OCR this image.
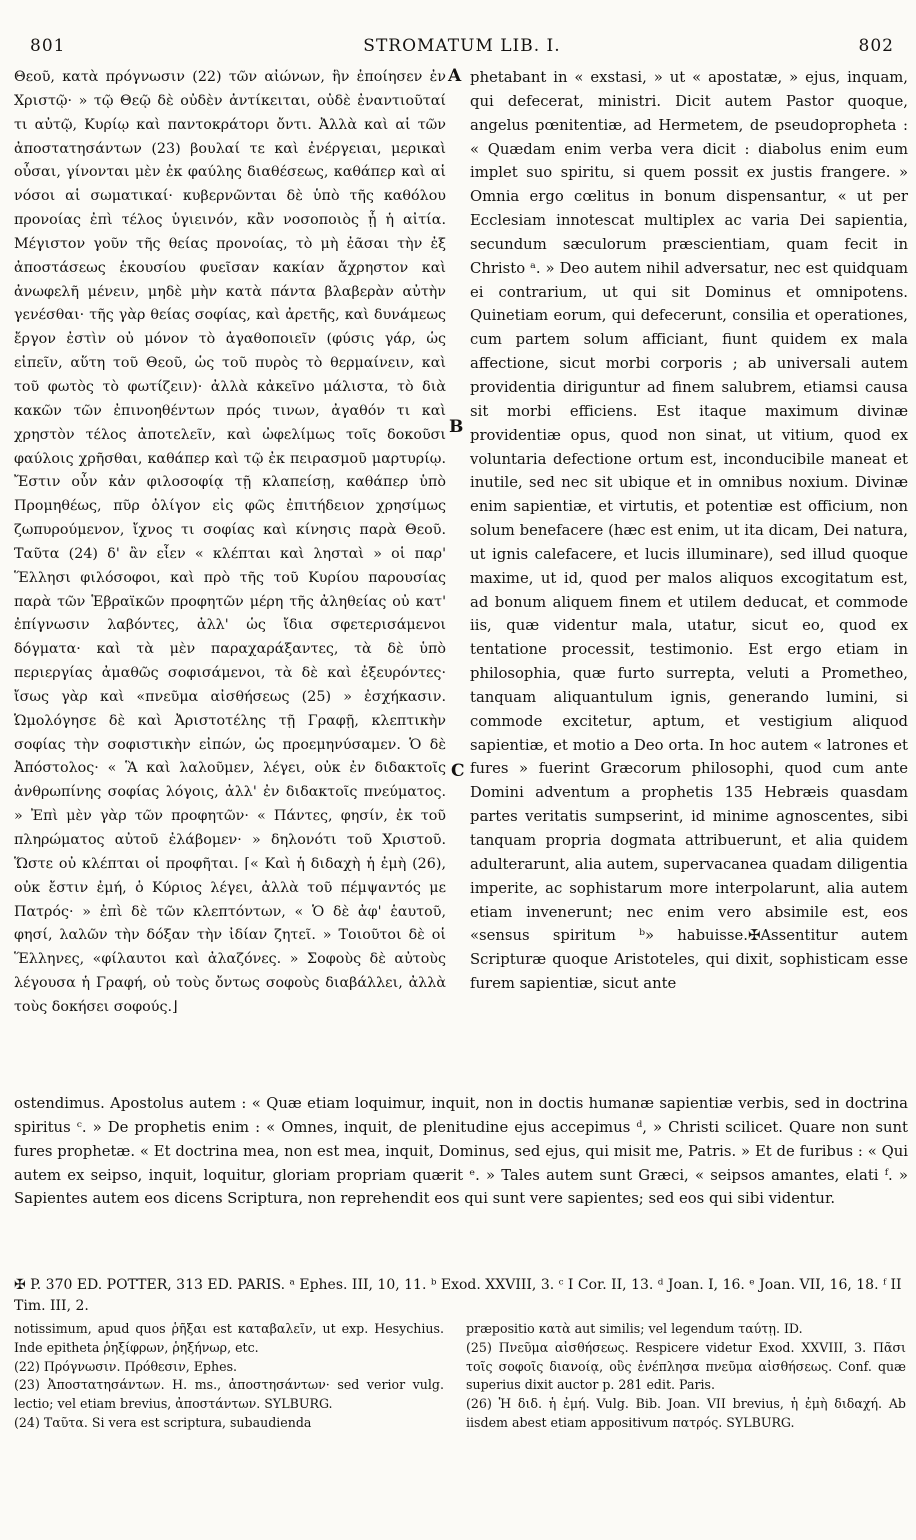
801	STROMATUM LIB. I.	802

Θεοῦ, κατὰ πρόγνωσιν (22) τῶν αἰώνων, ἣν ἐποίησεν ἐν Χριστῷ· » τῷ Θεῷ δὲ οὐδὲν ἀντίκειται, οὐδὲ ἐναντιοῦταί τι αὐτῷ, Κυρίῳ καὶ παντοκράτορι ὄντι. Ἀλλὰ καὶ αἱ τῶν ἀποστατησάντων (23) βουλαί τε καὶ ἐνέργειαι, μερικαὶ οὖσαι, γίνονται μὲν ἐκ φαύλης διαθέσεως, καθάπερ καὶ αἱ νόσοι αἱ σωματικαί· κυβερνῶνται δὲ ὑπὸ τῆς καθόλου προνοίας ἐπὶ τέλος ὑγιεινόν, κἂν νοσοποιὸς ᾖ ἡ αἰτία. Μέγιστον γοῦν τῆς θείας προνοίας, τὸ μὴ ἐᾶσαι τὴν ἐξ ἀποστάσεως ἑκουσίου φυεῖσαν κακίαν ἄχρηστον καὶ ἀνωφελῆ μένειν, μηδὲ μὴν κατὰ πάντα βλαβερὰν αὐτὴν γενέσθαι· τῆς γὰρ θείας σοφίας, καὶ ἀρετῆς, καὶ δυνάμεως ἔργον ἐστὶν οὐ μόνον τὸ ἀγαθοποιεῖν (φύσις γάρ, ὡς εἰπεῖν, αὕτη τοῦ Θεοῦ, ὡς τοῦ πυρὸς τὸ θερμαίνειν, καὶ τοῦ φωτὸς τὸ φωτίζειν)· ἀλλὰ κἀκεῖνο μάλιστα, τὸ διὰ κακῶν τῶν ἐπινοηθέντων πρός τινων, ἀγαθόν τι καὶ χρηστὸν τέλος ἀποτελεῖν, καὶ ὠφελίμως τοῖς δοκοῦσι φαύλοις χρῆσθαι, καθάπερ καὶ τῷ ἐκ πειρασμοῦ μαρτυρίῳ. Ἔστιν οὖν κἀν φιλοσοφίᾳ τῇ κλαπείσῃ, καθάπερ ὑπὸ Προμηθέως, πῦρ ὀλίγον εἰς φῶς ἐπιτήδειον χρησίμως ζωπυρούμενον, ἴχνος τι σοφίας καὶ κίνησις παρὰ Θεοῦ. Ταῦτα (24) δ' ἂν εἶεν « κλέπται καὶ λησταὶ » οἱ παρ' Ἕλλησι φιλόσοφοι, καὶ πρὸ τῆς τοῦ Κυρίου παρουσίας παρὰ τῶν Ἑβραϊκῶν προφητῶν μέρη τῆς ἀληθείας οὐ κατ' ἐπίγνωσιν λαβόντες, ἀλλ' ὡς ἴδια σφετερισάμενοι δόγματα· καὶ τὰ μὲν παραχαράξαντες, τὰ δὲ ὑπὸ περιεργίας ἀμαθῶς σοφισάμενοι, τὰ δὲ καὶ ἐξευρόντες· ἴσως γὰρ καὶ «πνεῦμα αἰσθήσεως (25) » ἐσχήκασιν. Ὡμολόγησε δὲ καὶ Ἀριστοτέλης τῇ Γραφῇ, κλεπτικὴν σοφίας τὴν σοφιστικὴν εἰπών, ὡς προεμηνύσαμεν. Ὁ δὲ Ἀπόστολος· « Ἃ καὶ λαλοῦμεν, λέγει, οὐκ ἐν διδακτοῖς ἀνθρωπίνης σοφίας λόγοις, ἀλλ' ἐν διδακτοῖς πνεύματος. » Ἐπὶ μὲν γὰρ τῶν προφητῶν· « Πάντες, φησίν, ἐκ τοῦ πληρώματος αὐτοῦ ἐλάβομεν· » δηλονότι τοῦ Χριστοῦ. Ὥστε οὐ κλέπται οἱ προφῆται. ⌈« Καὶ ἡ διδαχὴ ἡ ἐμὴ (26), οὐκ ἔστιν ἐμή, ὁ Κύριος λέγει, ἀλλὰ τοῦ πέμψαντός με Πατρός· » ἐπὶ δὲ τῶν κλεπτόντων, « Ὁ δὲ ἀφ' ἑαυτοῦ, φησί, λαλῶν τὴν δόξαν τὴν ἰδίαν ζητεῖ. » Τοιοῦτοι δὲ οἱ Ἕλληνες, «φίλαυτοι καὶ ἀλαζόνες. » Σοφοὺς δὲ αὐτοὺς λέγουσα ἡ Γραφή, οὐ τοὺς ὄντως σοφοὺς διαβάλλει, ἀλλὰ τοὺς δοκήσει σοφούς.⌋

A
B
C

phetabant in « exstasi, » ut « apostatæ, » ejus, inquam, qui defecerat, ministri. Dicit autem Pastor quoque, angelus pœnitentiæ, ad Hermetem, de pseudopropheta : « Quædam enim verba vera dicit : diabolus enim eum implet suo spiritu, si quem possit ex justis frangere. » Omnia ergo cœlitus in bonum dispensantur, « ut per Ecclesiam innotescat multiplex ac varia Dei sapientia, secundum sæculorum præscientiam, quam fecit in Christo ᵃ. » Deo autem nihil adversatur, nec est quidquam ei contrarium, ut qui sit Dominus et omnipotens. Quinetiam eorum, qui defecerunt, consilia et operationes, cum partem solum afficiant, fiunt quidem ex mala affectione, sicut morbi corporis ; ab universali autem providentia diriguntur ad finem salubrem, etiamsi causa sit morbi efficiens. Est itaque maximum divinæ providentiæ opus, quod non sinat, ut vitium, quod ex voluntaria defectione ortum est, inconducibile maneat et inutile, sed nec sit ubique et in omnibus noxium. Divinæ enim sapientiæ, et virtutis, et potentiæ est officium, non solum benefacere (hæc est enim, ut ita dicam, Dei natura, ut ignis calefacere, et lucis illuminare), sed illud quoque maxime, ut id, quod per malos aliquos excogitatum est, ad bonum aliquem finem et utilem deducat, et commode iis, quæ videntur mala, utatur, sicut eo, quod ex tentatione processit, testimonio. Est ergo etiam in philosophia, quæ furto surrepta, veluti a Prometheo, tanquam aliquantulum ignis, generando lumini, si commode excitetur, aptum, et vestigium aliquod sapientiæ, et motio a Deo orta. In hoc autem « latrones et fures » fuerint Græcorum philosophi, quod cum ante Domini adventum a prophetis 135 Hebræis quasdam partes veritatis sumpserint, id minime agnoscentes, sibi tanquam propria dogmata attribuerunt, et alia quidem adulterarunt, alia autem, supervacanea quadam diligentia imperite, ac sophistarum more interpolarunt, alia autem etiam invenerunt; nec enim vero absimile est, eos «sensus spiritum ᵇ» habuisse.✠Assentitur autem Scripturæ quoque Aristoteles, qui dixit, sophisticam esse furem sapientiæ, sicut ante

ostendimus. Apostolus autem : « Quæ etiam loquimur, inquit, non in doctis humanæ sapientiæ verbis, sed in doctrina spiritus ᶜ. » De prophetis enim : « Omnes, inquit, de plenitudine ejus accepimus ᵈ, » Christi scilicet. Quare non sunt fures prophetæ. « Et doctrina mea, non est mea, inquit, Dominus, sed ejus, qui misit me, Patris. » Et de furibus : « Qui autem ex seipso, inquit, loquitur, gloriam propriam quærit ᵉ. » Tales autem sunt Græci, « seipsos amantes, elati ᶠ. » Sapientes autem eos dicens Scriptura, non reprehendit eos qui sunt vere sapientes; sed eos qui sibi videntur.

✠ P. 370 ED. POTTER, 313 ED. PARIS. ᵃ Ephes. III, 10, 11. ᵇ Exod. XXVIII, 3. ᶜ I Cor. II, 13. ᵈ Joan. I, 16. ᵉ Joan. VII, 16, 18. ᶠ II Tim. III, 2.

notissimum, apud quos ῥῆξαι est καταβαλεῖν, ut exp. Hesychius. Inde epitheta ῥηξίφρων, ῥηξήνωρ, etc.

(22) Πρόγνωσιν. Πρόθεσιν, Ephes.

(23) Ἀποστατησάντων. H. ms., ἀποστησάντων· sed verior vulg. lectio; vel etiam brevius, ἀποστάντων. SYLBURG.

(24) Ταῦτα. Si vera est scriptura, subaudienda

præpositio κατὰ aut similis; vel legendum ταύτῃ. ID.

(25) Πνεῦμα αἰσθήσεως. Respicere videtur Exod. XXVIII, 3. Πᾶσι τοῖς σοφοῖς διανοίᾳ, οὓς ἐνέπλησα πνεῦμα αἰσθήσεως. Conf. quæ superius dixit auctor p. 281 edit. Paris.

(26) Ἡ διδ. ἡ ἐμή. Vulg. Bib. Joan. VII brevius, ἡ ἐμὴ διδαχή. Ab iisdem abest etiam appositivum πατρός. SYLBURG.
